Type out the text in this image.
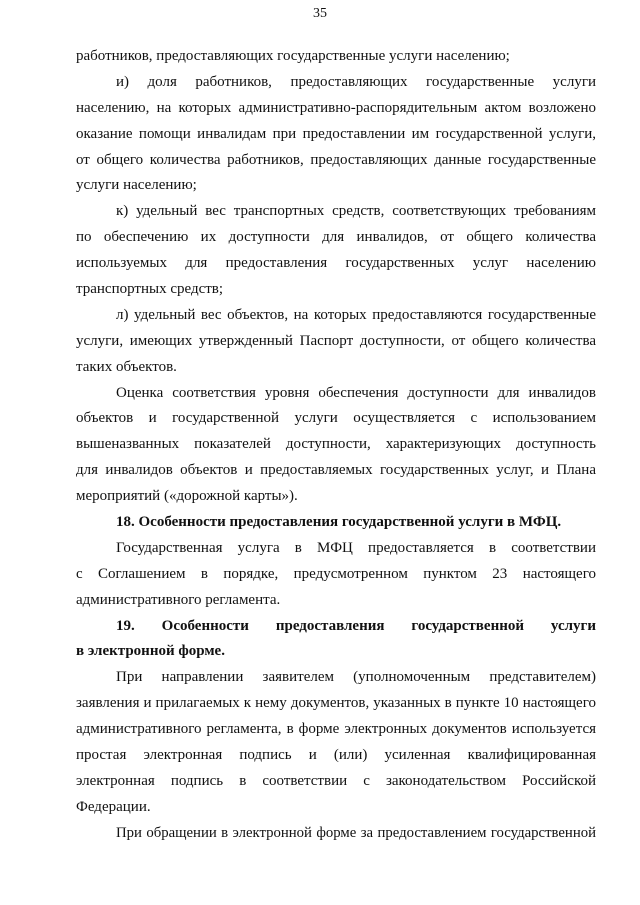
35
работников, предоставляющих государственные услуги населению;
и) доля работников, предоставляющих государственные услуги
населению, на которых административно-распорядительным актом возложено
оказание помощи инвалидам при предоставлении им государственной услуги,
от общего количества работников, предоставляющих данные государственные
услуги населению;
к) удельный вес транспортных средств, соответствующих требованиям
по обеспечению их доступности для инвалидов, от общего количества
используемых для предоставления государственных услуг населению
транспортных средств;
л) удельный вес объектов, на которых предоставляются государственные
услуги, имеющих утвержденный Паспорт доступности, от общего количества
таких объектов.
Оценка соответствия уровня обеспечения доступности для инвалидов
объектов и государственной услуги осуществляется с использованием
вышеназванных показателей доступности, характеризующих доступность
для инвалидов объектов и предоставляемых государственных услуг, и Плана
мероприятий («дорожной карты»).
18. Особенности предоставления государственной услуги в МФЦ.
Государственная услуга в МФЦ предоставляется в соответствии
с Соглашением в порядке, предусмотренном пунктом 23 настоящего
административного регламента.
19. Особенности предоставления государственной услуги
в электронной форме.
При направлении заявителем (уполномоченным представителем)
заявления и прилагаемых к нему документов, указанных в пункте 10 настоящего
административного регламента, в форме электронных документов используется
простая электронная подпись и (или) усиленная квалифицированная
электронная подпись в соответствии с законодательством Российской
Федерации.
При обращении в электронной форме за предоставлением государственной
